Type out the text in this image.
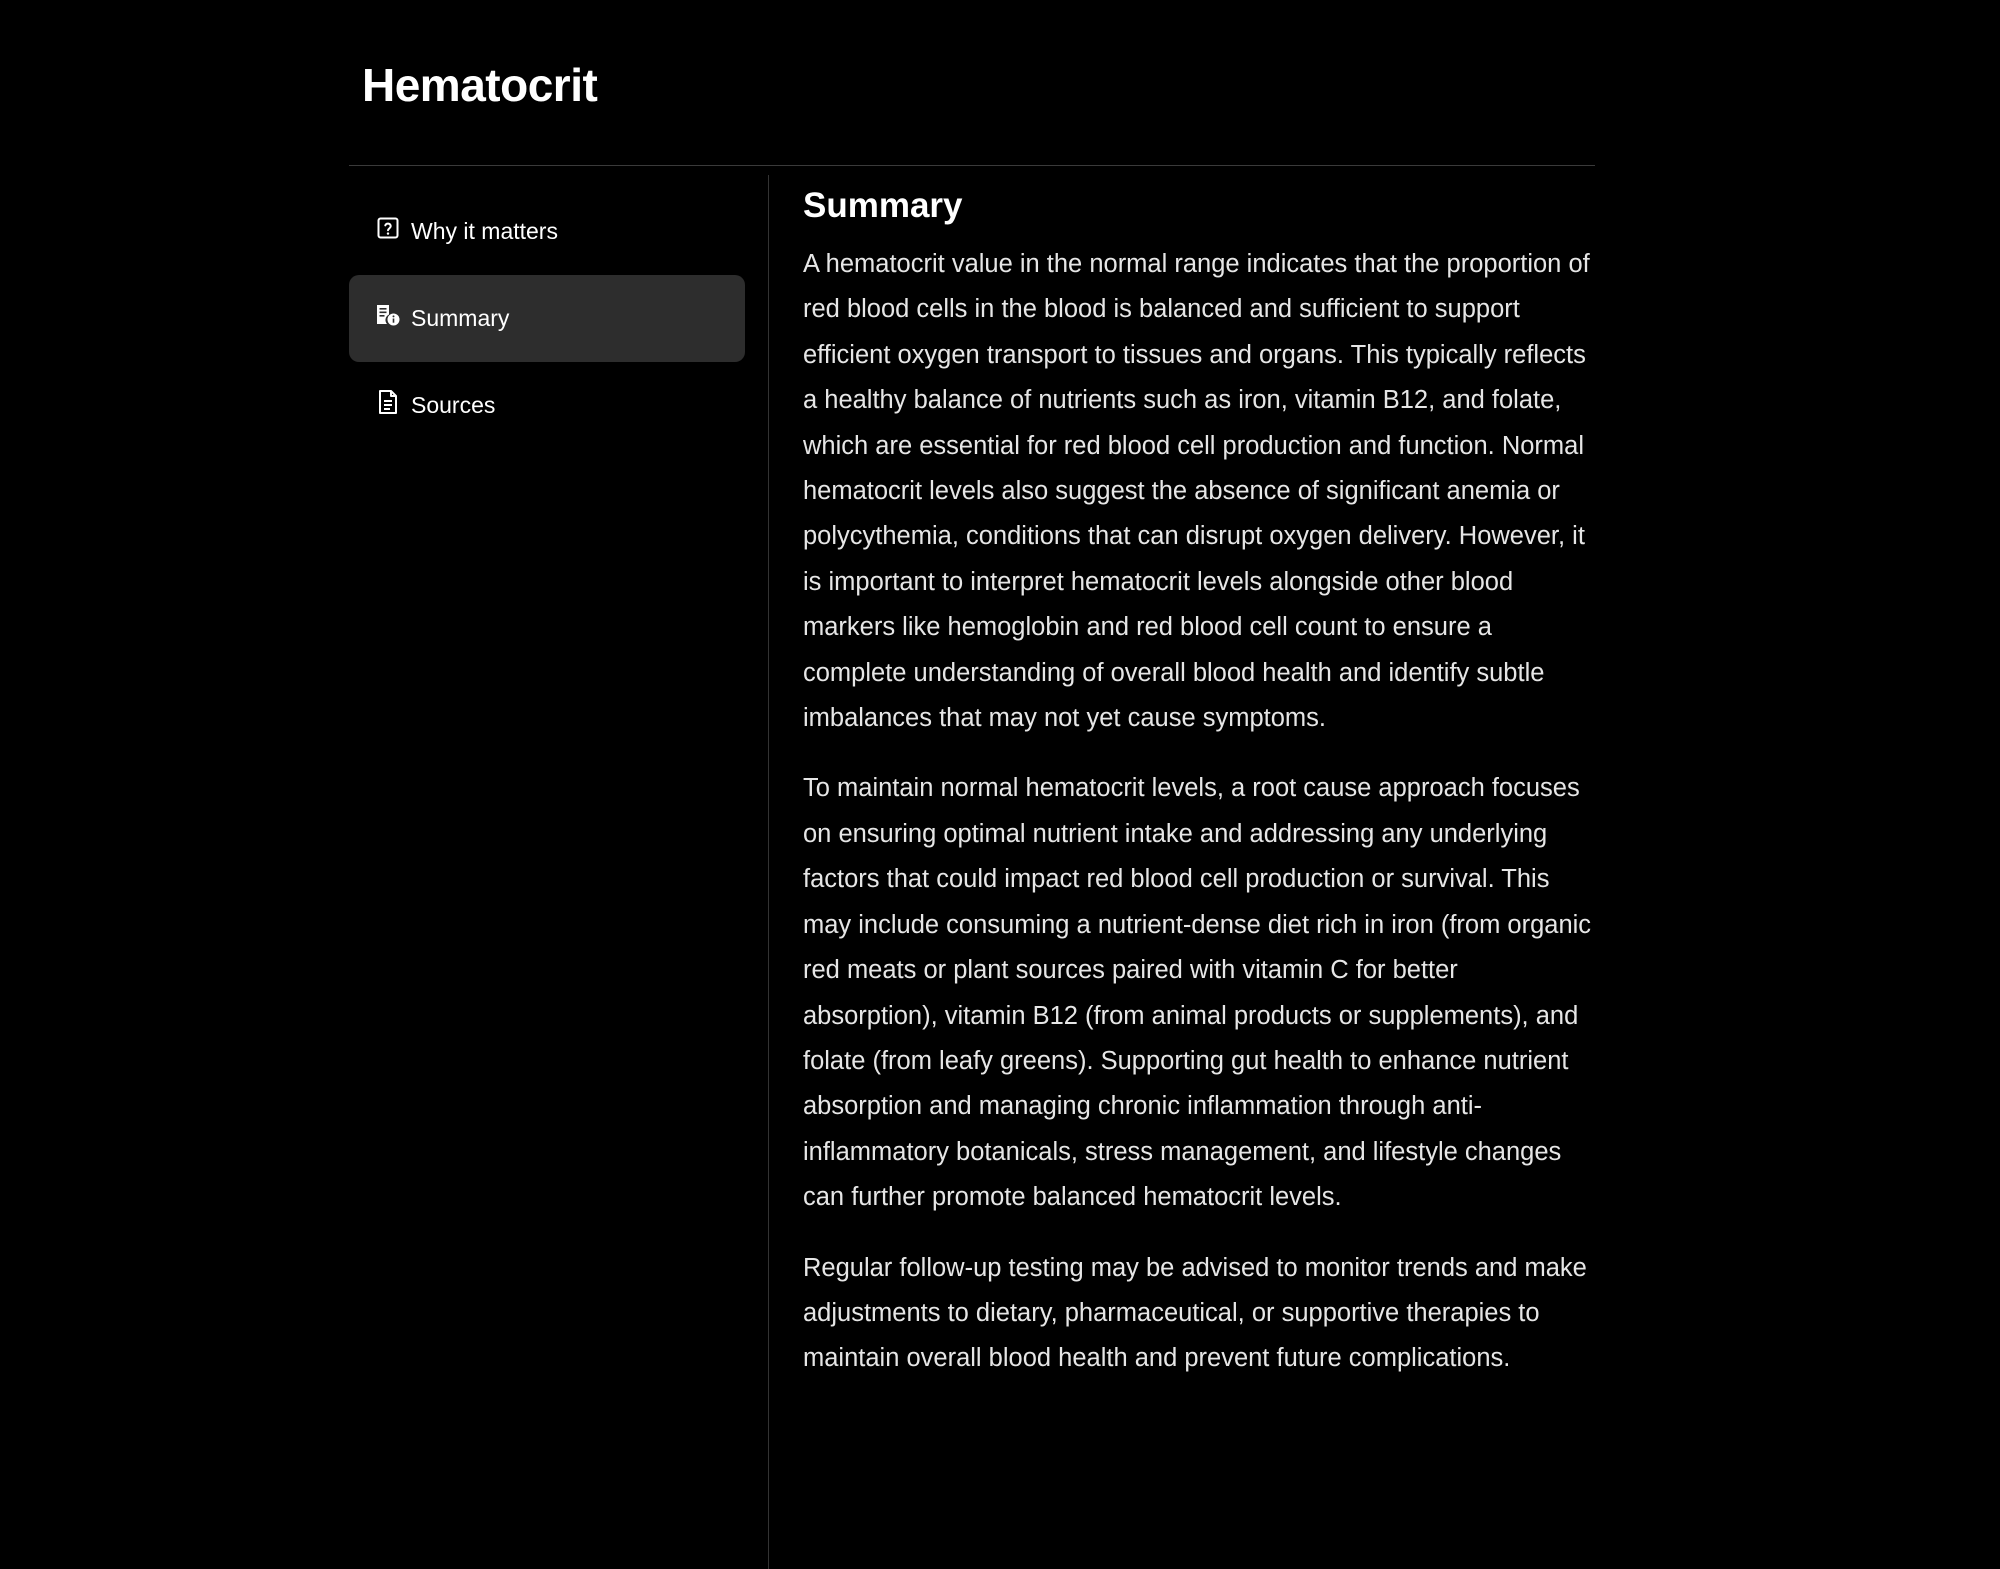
Hematocrit
Why it matters
Summary
Sources
Summary

A hematocrit value in the normal range indicates that the proportion of red blood cells in the blood is balanced and sufficient to support efficient oxygen transport to tissues and organs. This typically reflects a healthy balance of nutrients such as iron, vitamin B12, and folate, which are essential for red blood cell production and function. Normal hematocrit levels also suggest the absence of significant anemia or polycythemia, conditions that can disrupt oxygen delivery. However, it is important to interpret hematocrit levels alongside other blood markers like hemoglobin and red blood cell count to ensure a complete understanding of overall blood health and identify subtle imbalances that may not yet cause symptoms.

To maintain normal hematocrit levels, a root cause approach focuses on ensuring optimal nutrient intake and addressing any underlying factors that could impact red blood cell production or survival. This may include consuming a nutrient-dense diet rich in iron (from organic red meats or plant sources paired with vitamin C for better absorption), vitamin B12 (from animal products or supplements), and folate (from leafy greens). Supporting gut health to enhance nutrient absorption and managing chronic inflammation through anti-inflammatory botanicals, stress management, and lifestyle changes can further promote balanced hematocrit levels.

Regular follow-up testing may be advised to monitor trends and make adjustments to dietary, pharmaceutical, or supportive therapies to maintain overall blood health and prevent future complications.
